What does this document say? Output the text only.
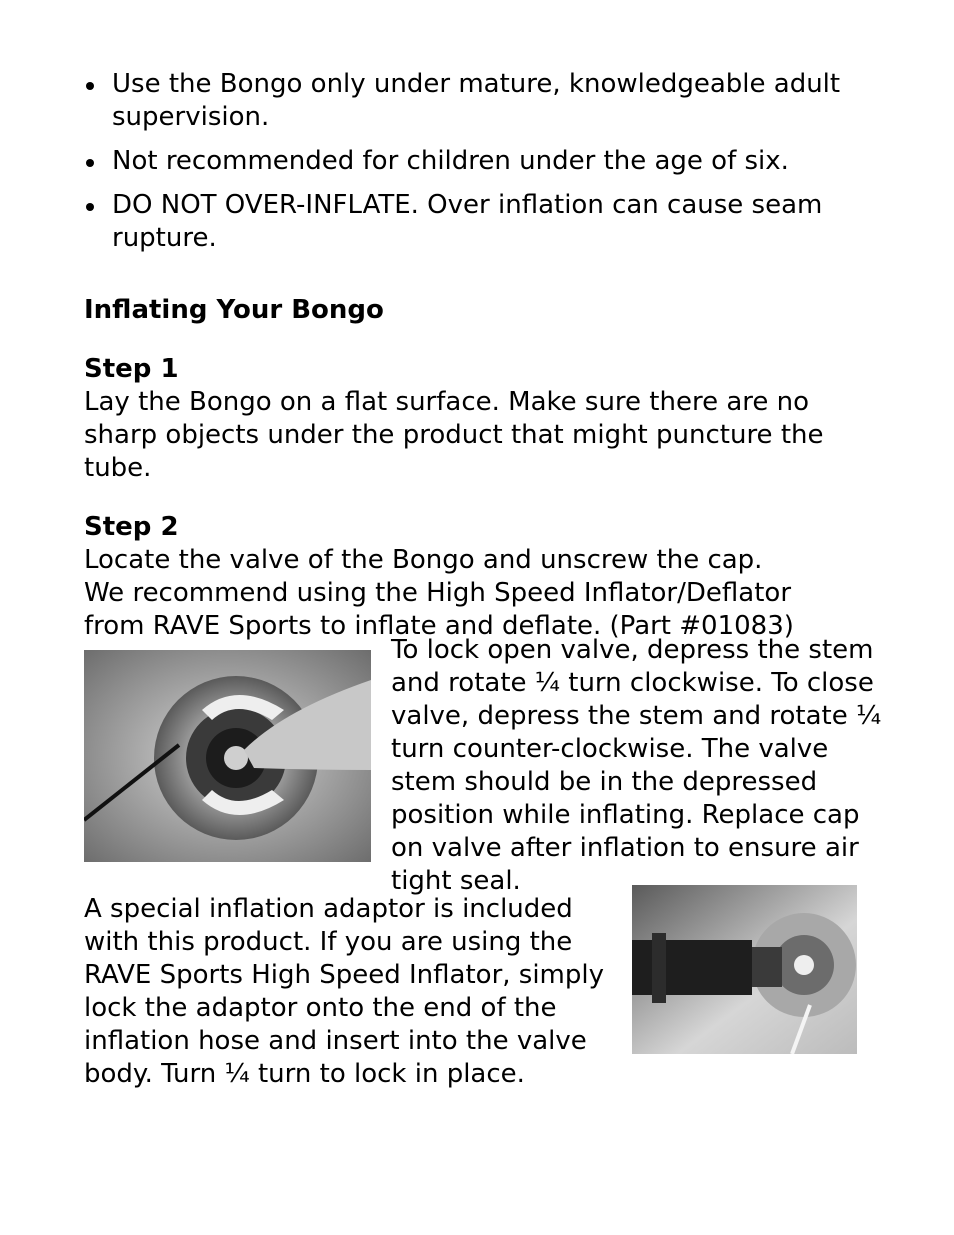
Use the Bongo only under mature, knowledgeable adult supervision.
Not recommended for children under the age of six.
DO NOT OVER-INFLATE. Over inflation can cause seam rupture.
Inflating Your Bongo
Step 1

Lay the Bongo on a flat surface. Make sure there are no sharp objects under the product that might puncture the tube.

Step 2

Locate the valve of the Bongo and unscrew the cap. We recommend using the High Speed Inflator/Deflator from RAVE Sports to inflate and deflate. (Part #01083)

To lock open valve, depress the stem and rotate ¼ turn clockwise. To close valve, depress the stem and rotate ¼ turn counter-clockwise. The valve stem should be in the depressed position while inflating. Replace cap on valve after inflation to ensure air tight seal.

A special inflation adaptor is included with this product. If you are using the RAVE Sports High Speed Inflator, simply lock the adaptor onto the end of the inflation hose and insert into the valve body. Turn ¼ turn to lock in place.
